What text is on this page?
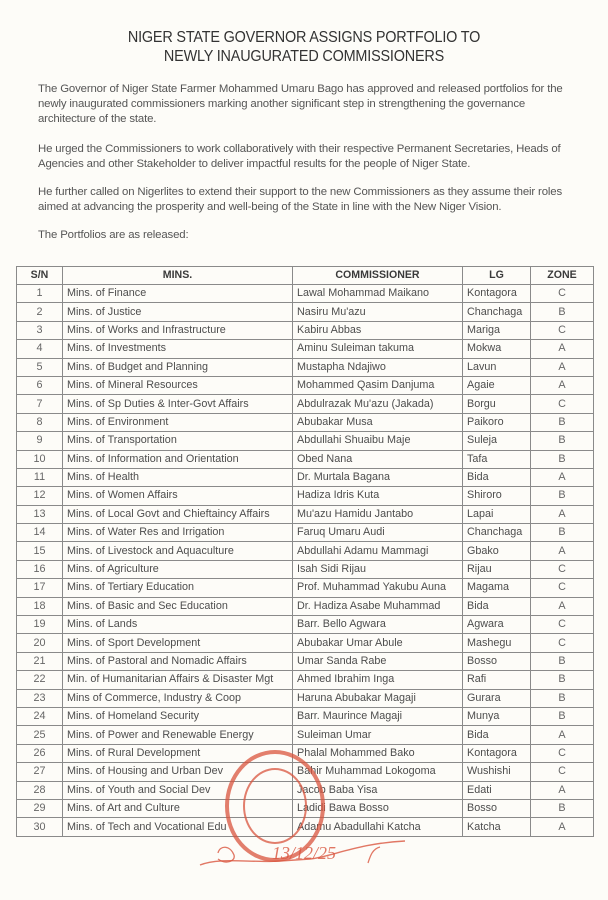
NIGER STATE GOVERNOR ASSIGNS PORTFOLIO TO
NEWLY INAUGURATED COMMISSIONERS
The Governor of Niger State Farmer Mohammed Umaru Bago has approved and released portfolios for the newly inaugurated commissioners marking another significant step in strengthening the governance architecture of the state.
He urged the Commissioners to work collaboratively with their respective Permanent Secretaries, Heads of Agencies and other Stakeholder to deliver impactful results for the people of Niger State.
He further called on Nigerlites to extend their support to the new Commissioners as they assume their roles aimed at advancing the prosperity and well-being of the State in line with the New Niger Vision.
The Portfolios are as released:
S/N	MINS.	COMMISSIONER	LG	ZONE
1	Mins. of Finance	Lawal Mohammad Maikano	Kontagora	C
2	Mins. of Justice	Nasiru Mu'azu	Chanchaga	B
3	Mins. of Works and Infrastructure	Kabiru Abbas	Mariga	C
4	Mins. of Investments	Aminu Suleiman takuma	Mokwa	A
5	Mins. of Budget and Planning	Mustapha Ndajiwo	Lavun	A
6	Mins. of Mineral Resources	Mohammed Qasim Danjuma	Agaie	A
7	Mins. of Sp Duties & Inter-Govt Affairs	Abdulrazak Mu'azu (Jakada)	Borgu	C
8	Mins. of Environment	Abubakar Musa	Paikoro	B
9	Mins. of Transportation	Abdullahi Shuaibu Maje	Suleja	B
10	Mins. of Information and Orientation	Obed Nana	Tafa	B
11	Mins. of Health	Dr. Murtala Bagana	Bida	A
12	Mins. of Women Affairs	Hadiza Idris Kuta	Shiroro	B
13	Mins. of Local Govt and Chieftaincy Affairs	Mu'azu Hamidu Jantabo	Lapai	A
14	Mins. of Water Res and Irrigation	Faruq Umaru Audi	Chanchaga	B
15	Mins. of Livestock and Aquaculture	Abdullahi Adamu Mammagi	Gbako	A
16	Mins. of Agriculture	Isah Sidi Rijau	Rijau	C
17	Mins. of Tertiary Education	Prof. Muhammad Yakubu Auna	Magama	C
18	Mins. of Basic and Sec Education	Dr. Hadiza Asabe Muhammad	Bida	A
19	Mins. of Lands	Barr. Bello Agwara	Agwara	C
20	Mins. of Sport Development	Abubakar Umar Abule	Mashegu	C
21	Mins. of Pastoral and Nomadic Affairs	Umar Sanda Rabe	Bosso	B
22	Min. of Humanitarian Affairs & Disaster Mgt	Ahmed Ibrahim Inga	Rafi	B
23	Mins of Commerce, Industry & Coop	Haruna Abubakar Magaji	Gurara	B
24	Mins. of Homeland Security	Barr. Maurince Magaji	Munya	B
25	Mins. of Power and Renewable Energy	Suleiman Umar	Bida	A
26	Mins. of Rural Development	Phalal Mohammed Bako	Kontagora	C
27	Mins. of Housing and Urban Dev	Bahir Muhammad Lokogoma	Wushishi	C
28	Mins. of Youth and Social Dev	Jacob Baba Yisa	Edati	A
29	Mins. of Art and Culture	Ladidi Bawa Bosso	Bosso	B
30	Mins. of Tech and Vocational Edu	Adamu Abadullahi Katcha	Katcha	A
13/12/25
